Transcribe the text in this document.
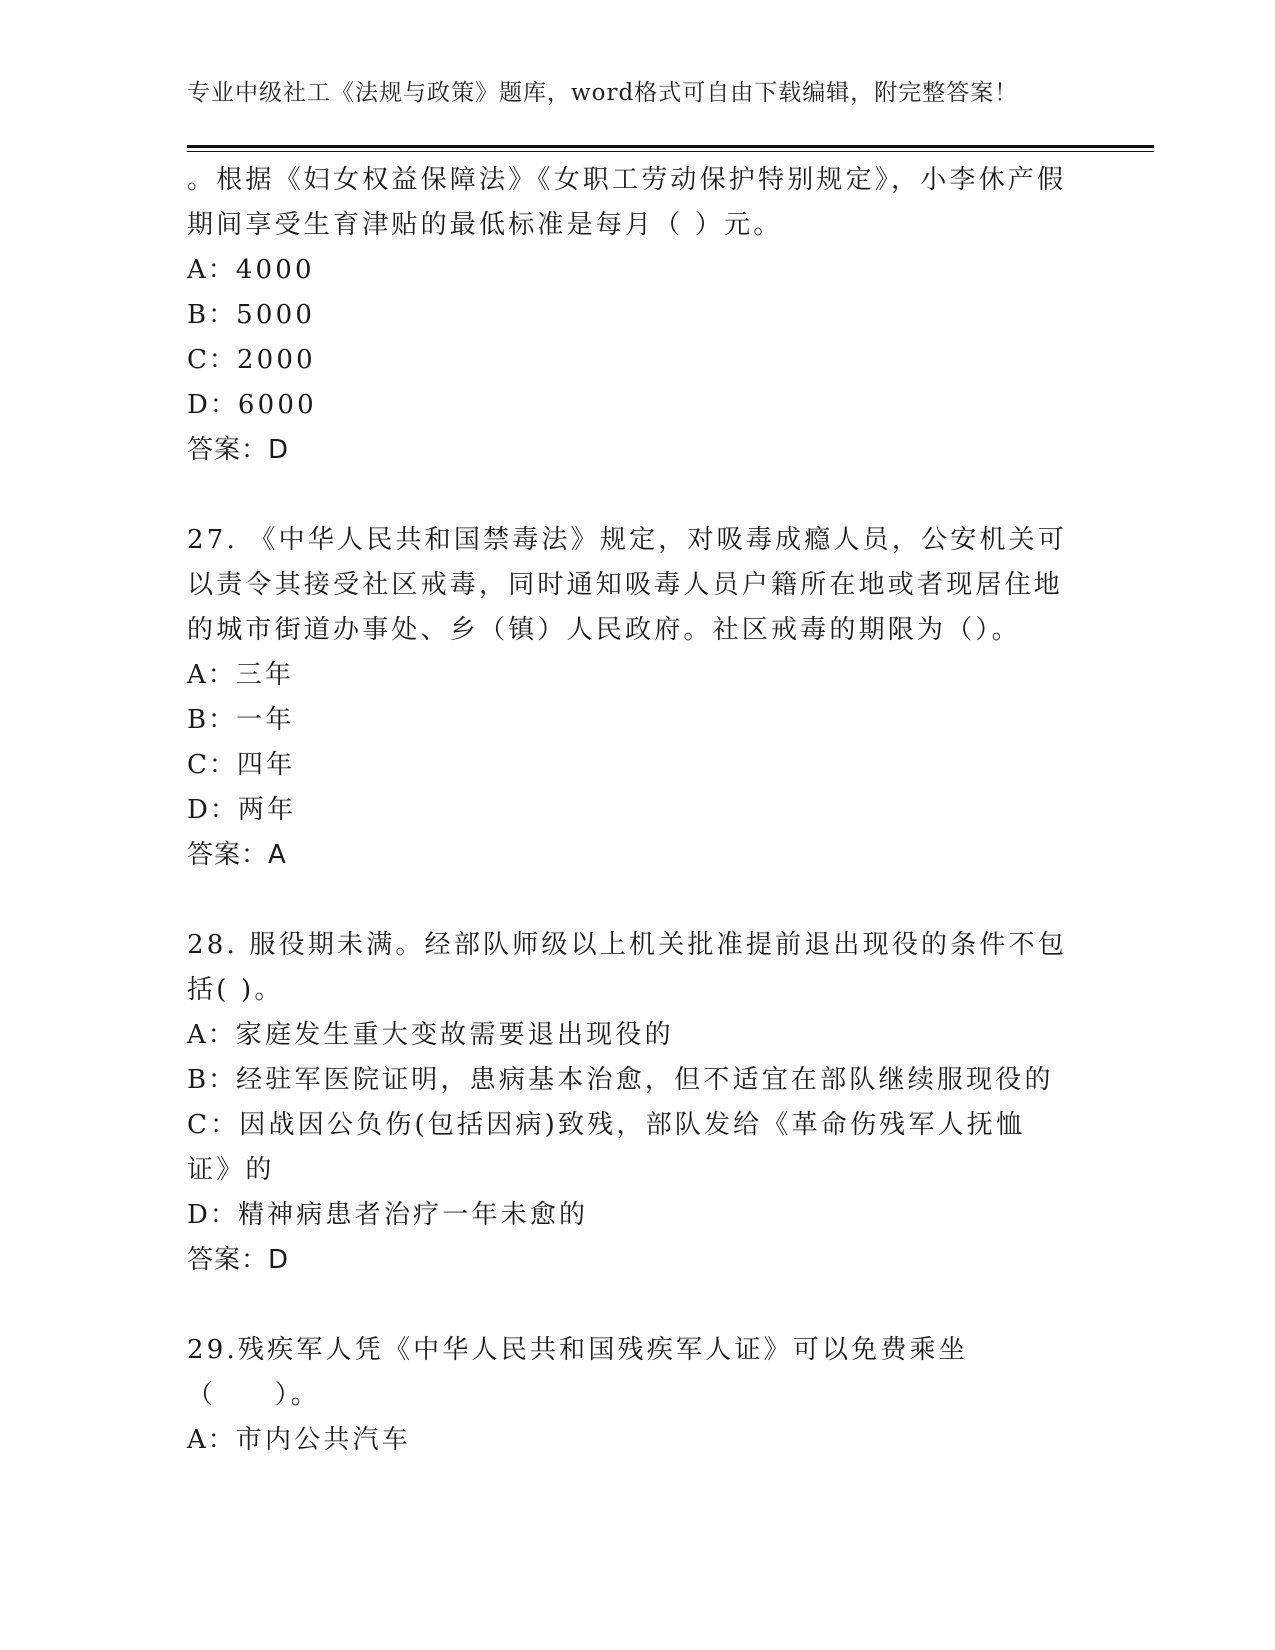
专业中级社工《法规与政策》题库，word格式可自由下载编辑，附完整答案！

。根据《妇女权益保障法》《女职工劳动保护特别规定》，小李休产假期间享受生育津贴的最低标准是每月（ ）元。

A：4000

B：5000

C：2000

D：6000

答案：D

27. 《中华人民共和国禁毒法》规定，对吸毒成瘾人员，公安机关可以责令其接受社区戒毒，同时通知吸毒人员户籍所在地或者现居住地的城市街道办事处、乡（镇）人民政府。社区戒毒的期限为（）。

A：三年

B：一年

C：四年

D：两年

答案：A

28. 服役期未满。经部队师级以上机关批准提前退出现役的条件不包括( )。

A：家庭发生重大变故需要退出现役的

B：经驻军医院证明，患病基本治愈，但不适宜在部队继续服现役的

C：因战因公负伤(包括因病)致残，部队发给《革命伤残军人抚恤证》的

D：精神病患者治疗一年未愈的

答案：D

29.残疾军人凭《中华人民共和国残疾军人证》可以免费乘坐（　　）。

A：市内公共汽车
